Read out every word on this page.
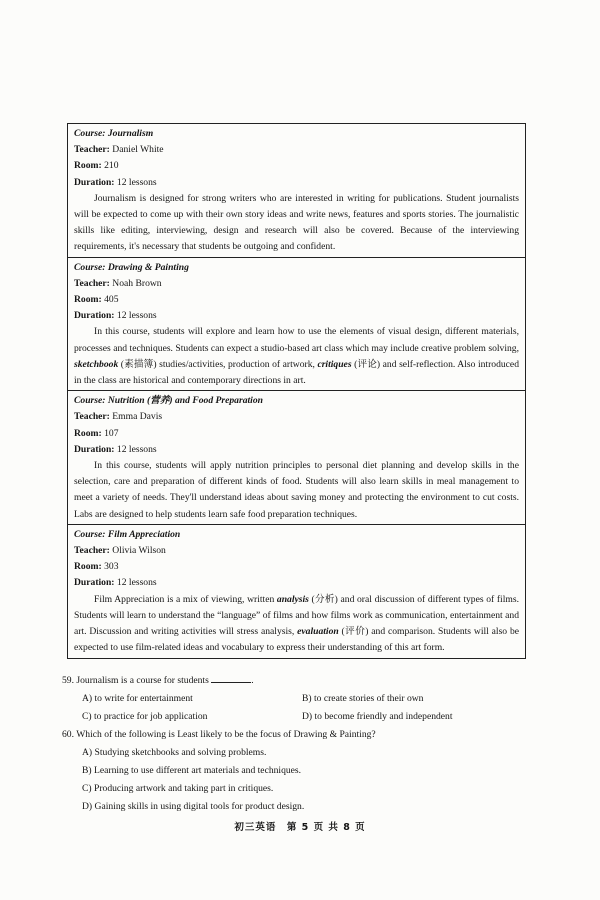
Course: Journalism
Teacher: Daniel White
Room: 210
Duration: 12 lessons

Journalism is designed for strong writers who are interested in writing for publications. Student journalists will be expected to come up with their own story ideas and write news, features and sports stories. The journalistic skills like editing, interviewing, design and research will also be covered. Because of the interviewing requirements, it's necessary that students be outgoing and confident.

Course: Drawing & Painting
Teacher: Noah Brown
Room: 405
Duration: 12 lessons

In this course, students will explore and learn how to use the elements of visual design, different materials, processes and techniques. Students can expect a studio-based art class which may include creative problem solving, sketchbook (素描簿) studies/activities, production of artwork, critiques (评论) and self-reflection. Also introduced in the class are historical and contemporary directions in art.

Course: Nutrition (营养) and Food Preparation
Teacher: Emma Davis
Room: 107
Duration: 12 lessons

In this course, students will apply nutrition principles to personal diet planning and develop skills in the selection, care and preparation of different kinds of food. Students will also learn skills in meal management to meet a variety of needs. They'll understand ideas about saving money and protecting the environment to cut costs. Labs are designed to help students learn safe food preparation techniques.

Course: Film Appreciation
Teacher: Olivia Wilson
Room: 303
Duration: 12 lessons

Film Appreciation is a mix of viewing, written analysis (分析) and oral discussion of different types of films. Students will learn to understand the “language” of films and how films work as communication, entertainment and art. Discussion and writing activities will stress analysis, evaluation (评价) and comparison. Students will also be expected to use film-related ideas and vocabulary to express their understanding of this art form.

59. Journalism is a course for students	.

A) to write for entertainment	B) to create stories of their own
C) to practice for job application	D) to become friendly and independent

60. Which of the following is Least likely to be the focus of Drawing & Painting?

A) Studying sketchbooks and solving problems.
B) Learning to use different art materials and techniques.
C) Producing artwork and taking part in critiques.
D) Gaining skills in using digital tools for product design.
初三英语　第 5 页 共 8 页
